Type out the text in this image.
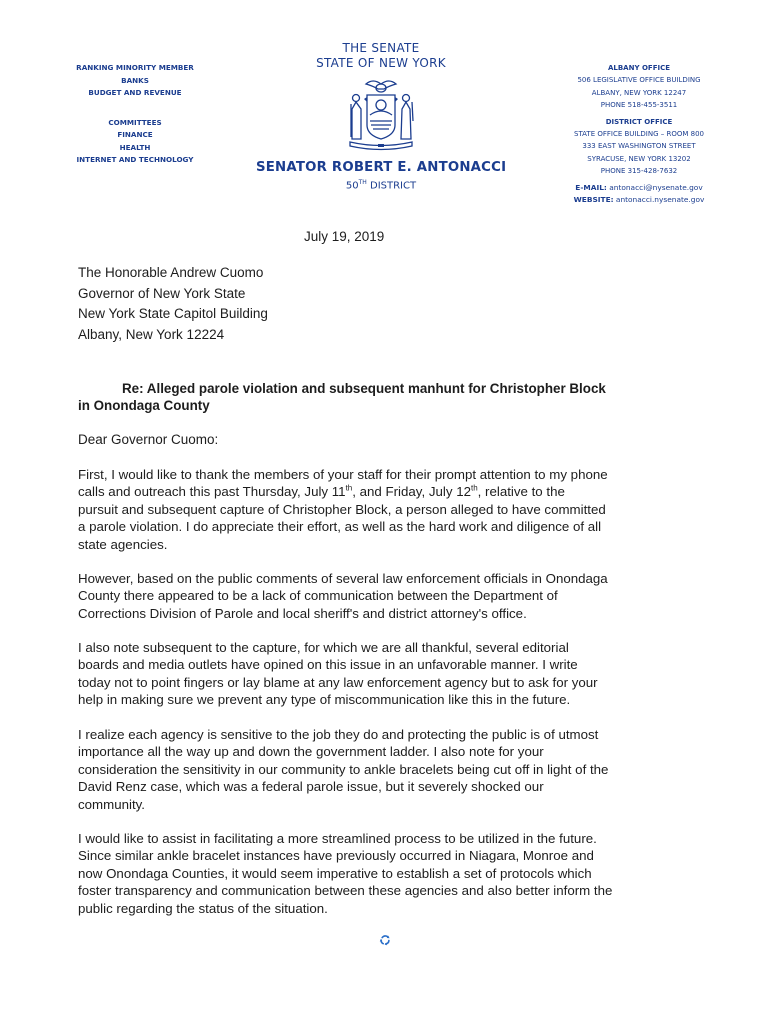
RANKING MINORITY MEMBER
BANKS
BUDGET AND REVENUE
COMMITTEES
FINANCE
HEALTH
INTERNET AND TECHNOLOGY
THE SENATE
STATE OF NEW YORK
SENATOR ROBERT E. ANTONACCI
50TH DISTRICT
ALBANY OFFICE
506 LEGISLATIVE OFFICE BUILDING
ALBANY, NEW YORK 12247
PHONE 518-455-3511
DISTRICT OFFICE
STATE OFFICE BUILDING – ROOM 800
333 EAST WASHINGTON STREET
SYRACUSE, NEW YORK 13202
PHONE 315-428-7632
E-MAIL: antonacci@nysenate.gov
WEBSITE: antonacci.nysenate.gov
July 19, 2019
The Honorable Andrew Cuomo
Governor of New York State
New York State Capitol Building
Albany, New York 12224
Re: Alleged parole violation and subsequent manhunt for Christopher Block
in Onondaga County
Dear Governor Cuomo:
First, I would like to thank the members of your staff for their prompt attention to my phone
calls and outreach this past Thursday, July 11th, and Friday, July 12th, relative to the
pursuit and subsequent capture of Christopher Block, a person alleged to have committed
a parole violation. I do appreciate their effort, as well as the hard work and diligence of all
state agencies.
However, based on the public comments of several law enforcement officials in Onondaga
County there appeared to be a lack of communication between the Department of
Corrections Division of Parole and local sheriff's and district attorney's office.
I also note subsequent to the capture, for which we are all thankful, several editorial
boards and media outlets have opined on this issue in an unfavorable manner. I write
today not to point fingers or lay blame at any law enforcement agency but to ask for your
help in making sure we prevent any type of miscommunication like this in the future.
I realize each agency is sensitive to the job they do and protecting the public is of utmost
importance all the way up and down the government ladder. I also note for your
consideration the sensitivity in our community to ankle bracelets being cut off in light of the
David Renz case, which was a federal parole issue, but it severely shocked our
community.
I would like to assist in facilitating a more streamlined process to be utilized in the future.
Since similar ankle bracelet instances have previously occurred in Niagara, Monroe and
now Onondaga Counties, it would seem imperative to establish a set of protocols which
foster transparency and communication between these agencies and also better inform the
public regarding the status of the situation.
